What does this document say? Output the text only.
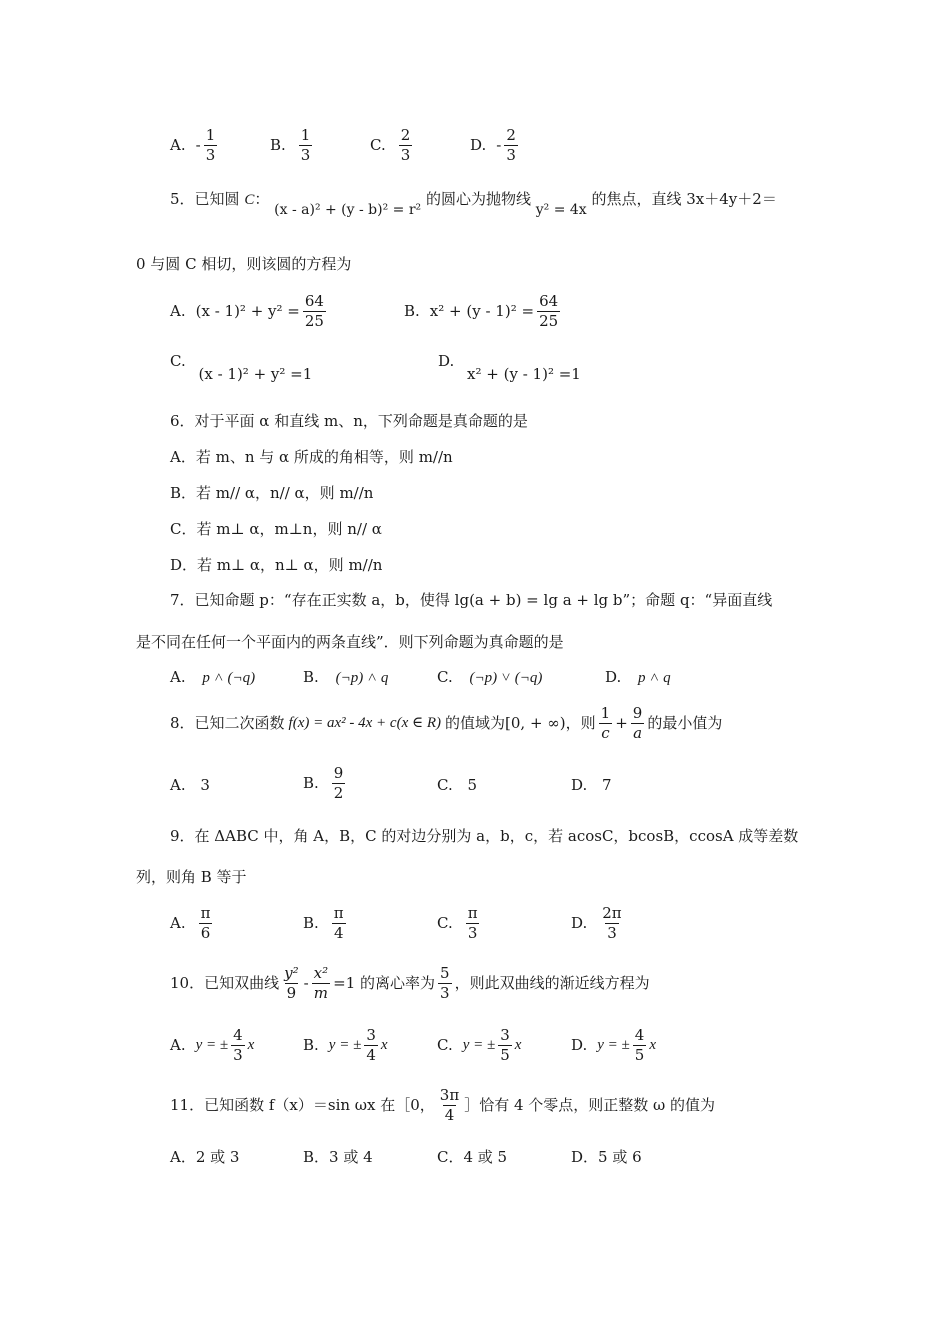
A. - $\frac{1}{3}$	B. $\frac{1}{3}$	C. $\frac{2}{3}$	D. - $\frac{2}{3}$
5．已知圆 C： (x - a)² + (y - b)² = r² 的圆心为抛物线 y² = 4x 的焦点，直线 3x＋4y＋2＝
0 与圆 C 相切，则该圆的方程为
A. $(x - 1)^2 + y^2 = \frac{64}{25}$	B. $x^2 + (y - 1)^2 = \frac{64}{25}$
C. (x - 1)² + y² =1
D. x² + (y - 1)² =1
6．对于平面 α 和直线 m、n，下列命题是真命题的是
A．若 m、n 与 α 所成的角相等，则 m//n
B．若 m// α，n// α，则 m//n
C．若 m⊥ α，m⊥n，则 n// α
D．若 m⊥ α，n⊥ α，则 m//n
7．已知命题 p：“存在正实数 a，b，使得 lg(a + b) = lg a + lg b”；命题 q：“异面直线
是不同在任何一个平面内的两条直线”．则下列命题为真命题的是
A. p ˄ (¬q)	B. (¬p) ˄ q	C. (¬p) ˅ (¬q)	D. p ˄ q
8．已知二次函数 f(x) = ax² - 4x + c(x ∈ R) 的值域为 [0, + ∞) ，则 $\frac{1}{c} + \frac{9}{a}$ 的最小值为
A. 3	B. $\frac{9}{2}$	C. 5	D. 7
9．在 ΔABC 中，角 A，B，C 的对边分别为 a，b，c，若 acosC，bcosB，ccosA 成等差数
列，则角 B 等于
A. $\frac{\pi}{6}$	B. $\frac{\pi}{4}$	C. $\frac{\pi}{3}$	D. $\frac{2\pi}{3}$
10．已知双曲线 $\frac{\text{y²}}{9} - \frac{\text{x²}}{m} =1$ 的离心率为 $\frac{5}{3}$ ，则此双曲线的渐近线方程为
A. y = ± $\frac{4}{3}$ x	B. y = ± $\frac{3}{4}$ x	C. y = ± $\frac{3}{5}$ x	D. y = ± $\frac{4}{5}$ x
11．已知函数 f（x）＝sin ωx 在［0， $\frac{3\pi}{4}$ ］恰有 4 个零点，则正整数 ω 的值为
A．2 或 3	B．3 或 4	C．4 或 5	D．5 或 6
